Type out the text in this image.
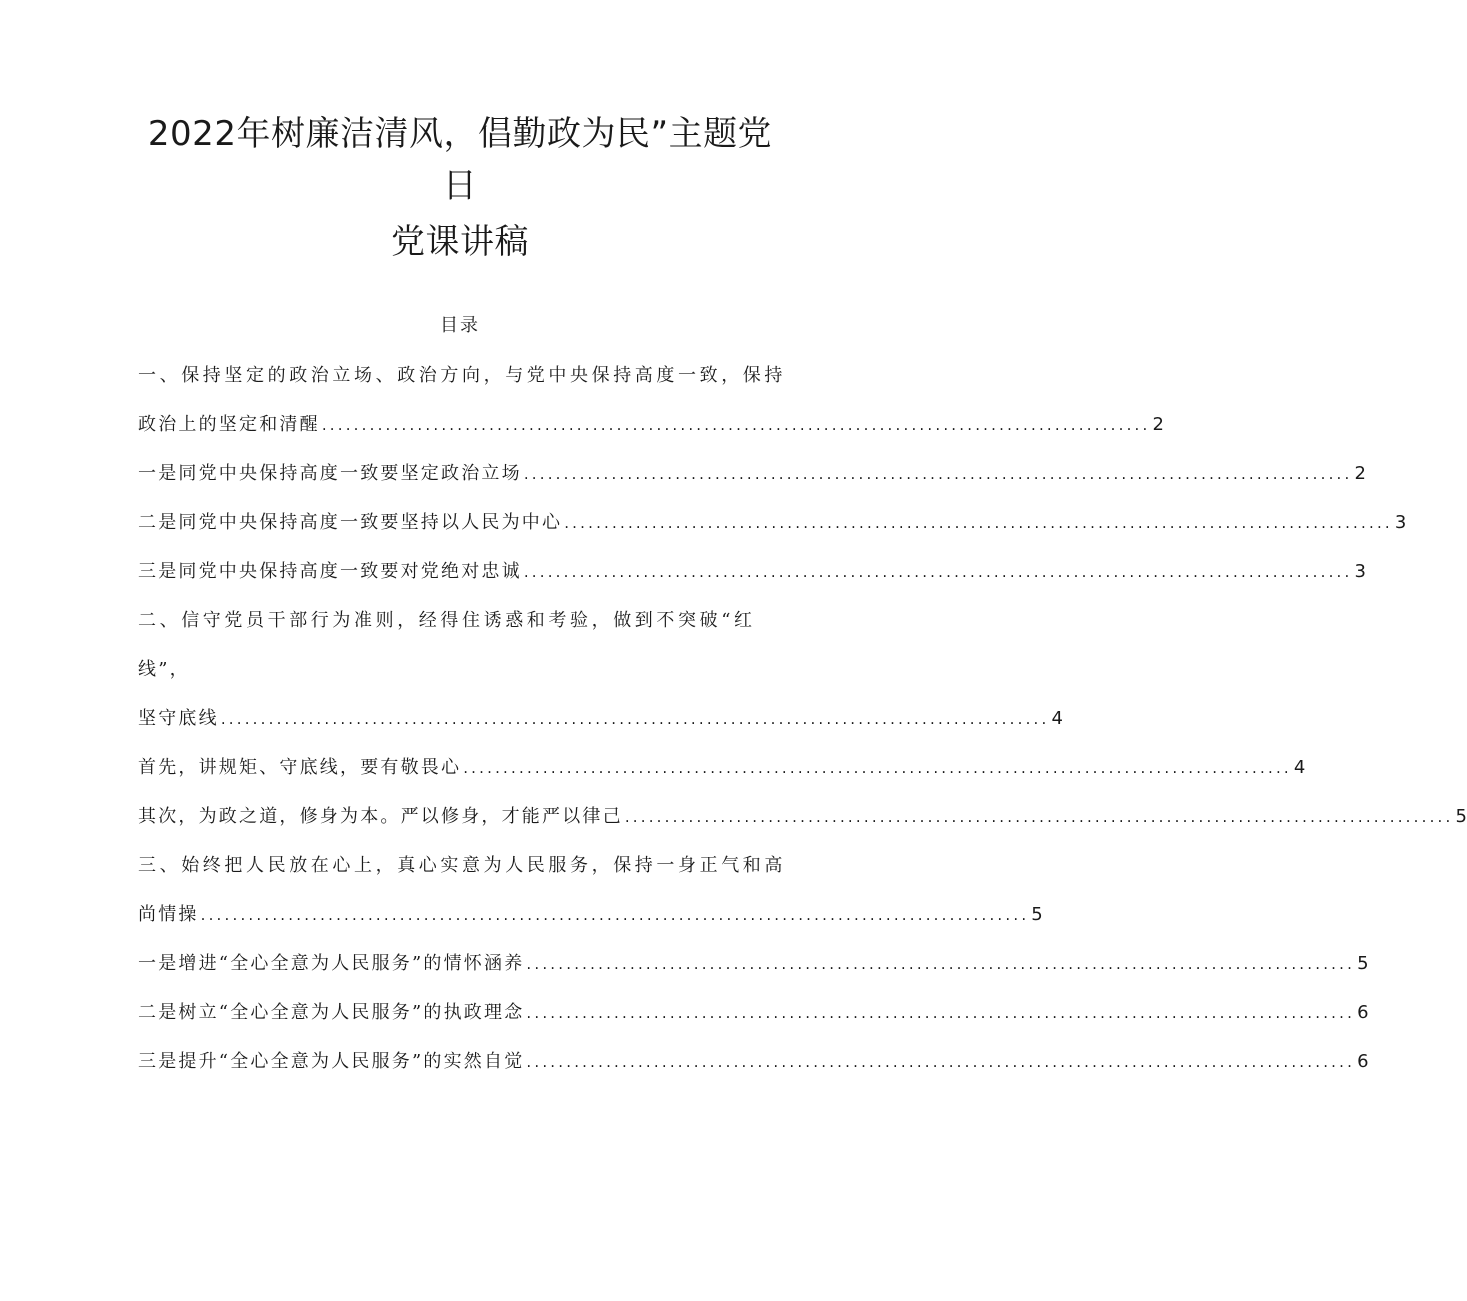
2022年树廉洁清风，倡勤政为民”主题党
日
党课讲稿
目录
一、保持坚定的政治立场、政治方向，与党中央保持高度一致，保持
政治上的坚定和清醒 ........................................................................................................ 2
一是同党中央保持高度一致要坚定政治立场 ........................................................................................................ 2
二是同党中央保持高度一致要坚持以人民为中心 ........................................................................................................ 3
三是同党中央保持高度一致要对党绝对忠诚 ........................................................................................................ 3
二、信守党员干部行为准则，经得住诱惑和考验，做到不突破“红
线”，
坚守底线 ........................................................................................................ 4
首先，讲规矩、守底线，要有敬畏心 ........................................................................................................ 4
其次，为政之道，修身为本。严以修身，才能严以律己 ........................................................................................................ 5
三、始终把人民放在心上，真心实意为人民服务，保持一身正气和高
尚情操 ........................................................................................................ 5
一是增进“全心全意为人民服务”的情怀涵养 ........................................................................................................ 5
二是树立“全心全意为人民服务”的执政理念 ........................................................................................................ 6
三是提升“全心全意为人民服务”的实然自觉 ........................................................................................................ 6
